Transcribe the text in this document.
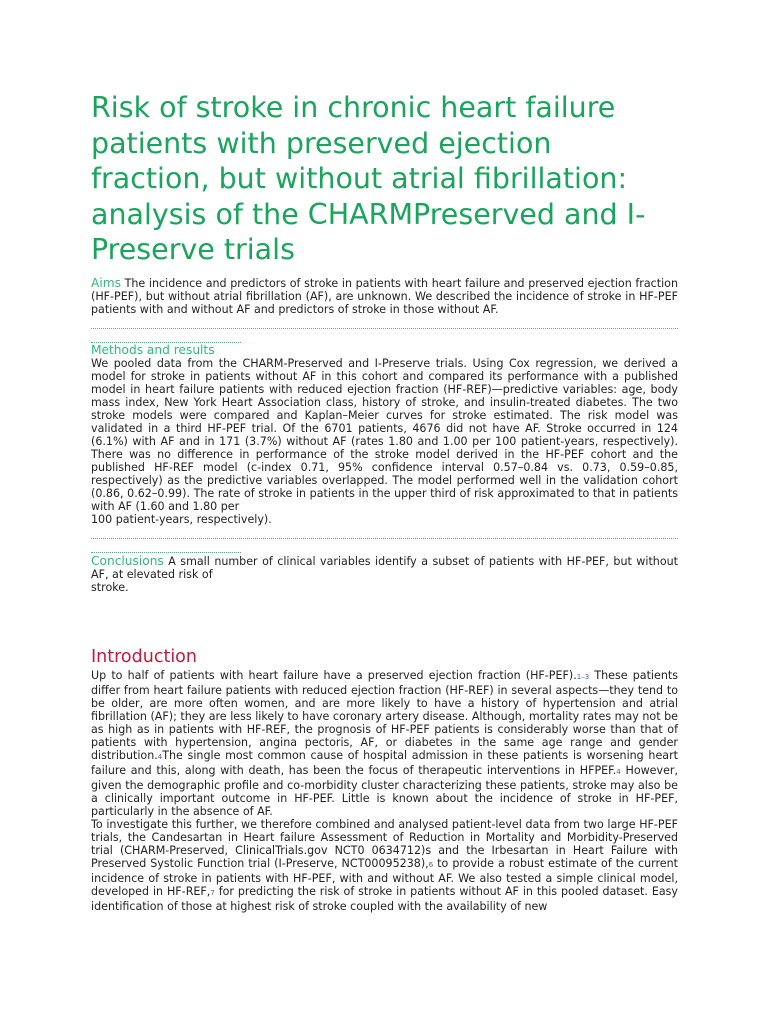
Risk of stroke in chronic heart failure patients with preserved ejection fraction, but without atrial fibrillation: analysis of the CHARMPreserved and I-Preserve trials

Aims The incidence and predictors of stroke in patients with heart failure and preserved ejection fraction (HF-PEF), but without atrial fibrillation (AF), are unknown. We described the incidence of stroke in HF-PEF patients with and without AF and predictors of stroke in those without AF.

Methods and results
We pooled data from the CHARM-Preserved and I-Preserve trials. Using Cox regression, we derived a model for stroke in patients without AF in this cohort and compared its performance with a published model in heart failure patients with reduced ejection fraction (HF-REF)—predictive variables: age, body mass index, New York Heart Association class, history of stroke, and insulin-treated diabetes. The two stroke models were compared and Kaplan–Meier curves for stroke estimated. The risk model was validated in a third HF-PEF trial. Of the 6701 patients, 4676 did not have AF. Stroke occurred in 124 (6.1%) with AF and in 171 (3.7%) without AF (rates 1.80 and 1.00 per 100 patient-years, respectively). There was no difference in performance of the stroke model derived in the HF-PEF cohort and the published HF-REF model (c-index 0.71, 95% confidence interval 0.57–0.84 vs. 0.73, 0.59–0.85, respectively) as the predictive variables overlapped. The model performed well in the validation cohort (0.86, 0.62–0.99). The rate of stroke in patients in the upper third of risk approximated to that in patients with AF (1.60 and 1.80 per
100 patient-years, respectively).

Conclusions A small number of clinical variables identify a subset of patients with HF-PEF, but without AF, at elevated risk of
stroke.

Introduction

Up to half of patients with heart failure have a preserved ejection fraction (HF-PEF).1–3 These patients differ from heart failure patients with reduced ejection fraction (HF-REF) in several aspects—they tend to be older, are more often women, and are more likely to have a history of hypertension and atrial fibrillation (AF); they are less likely to have coronary artery disease. Although, mortality rates may not be as high as in patients with HF-REF, the prognosis of HF-PEF patients is considerably worse than that of patients with hypertension, angina pectoris, AF, or diabetes in the same age range and gender distribution.4The single most common cause of hospital admission in these patients is worsening heart failure and this, along with death, has been the focus of therapeutic interventions in HFPEF.4 However, given the demographic profile and co-morbidity cluster characterizing these patients, stroke may also be a clinically important outcome in HF-PEF. Little is known about the incidence of stroke in HF-PEF, particularly in the absence of AF.

To investigate this further, we therefore combined and analysed patient-level data from two large HF-PEF trials, the Candesartan in Heart failure Assessment of Reduction in Mortality and Morbidity-Preserved trial (CHARM-Preserved, ClinicalTrials.gov NCT0 0634712)s and the Irbesartan in Heart Failure with Preserved Systolic Function trial (I-Preserve, NCT00095238),6 to provide a robust estimate of the current incidence of stroke in patients with HF-PEF, with and without AF. We also tested a simple clinical model, developed in HF-REF,7 for predicting the risk of stroke in patients without AF in this pooled dataset. Easy identification of those at highest risk of stroke coupled with the availability of new
